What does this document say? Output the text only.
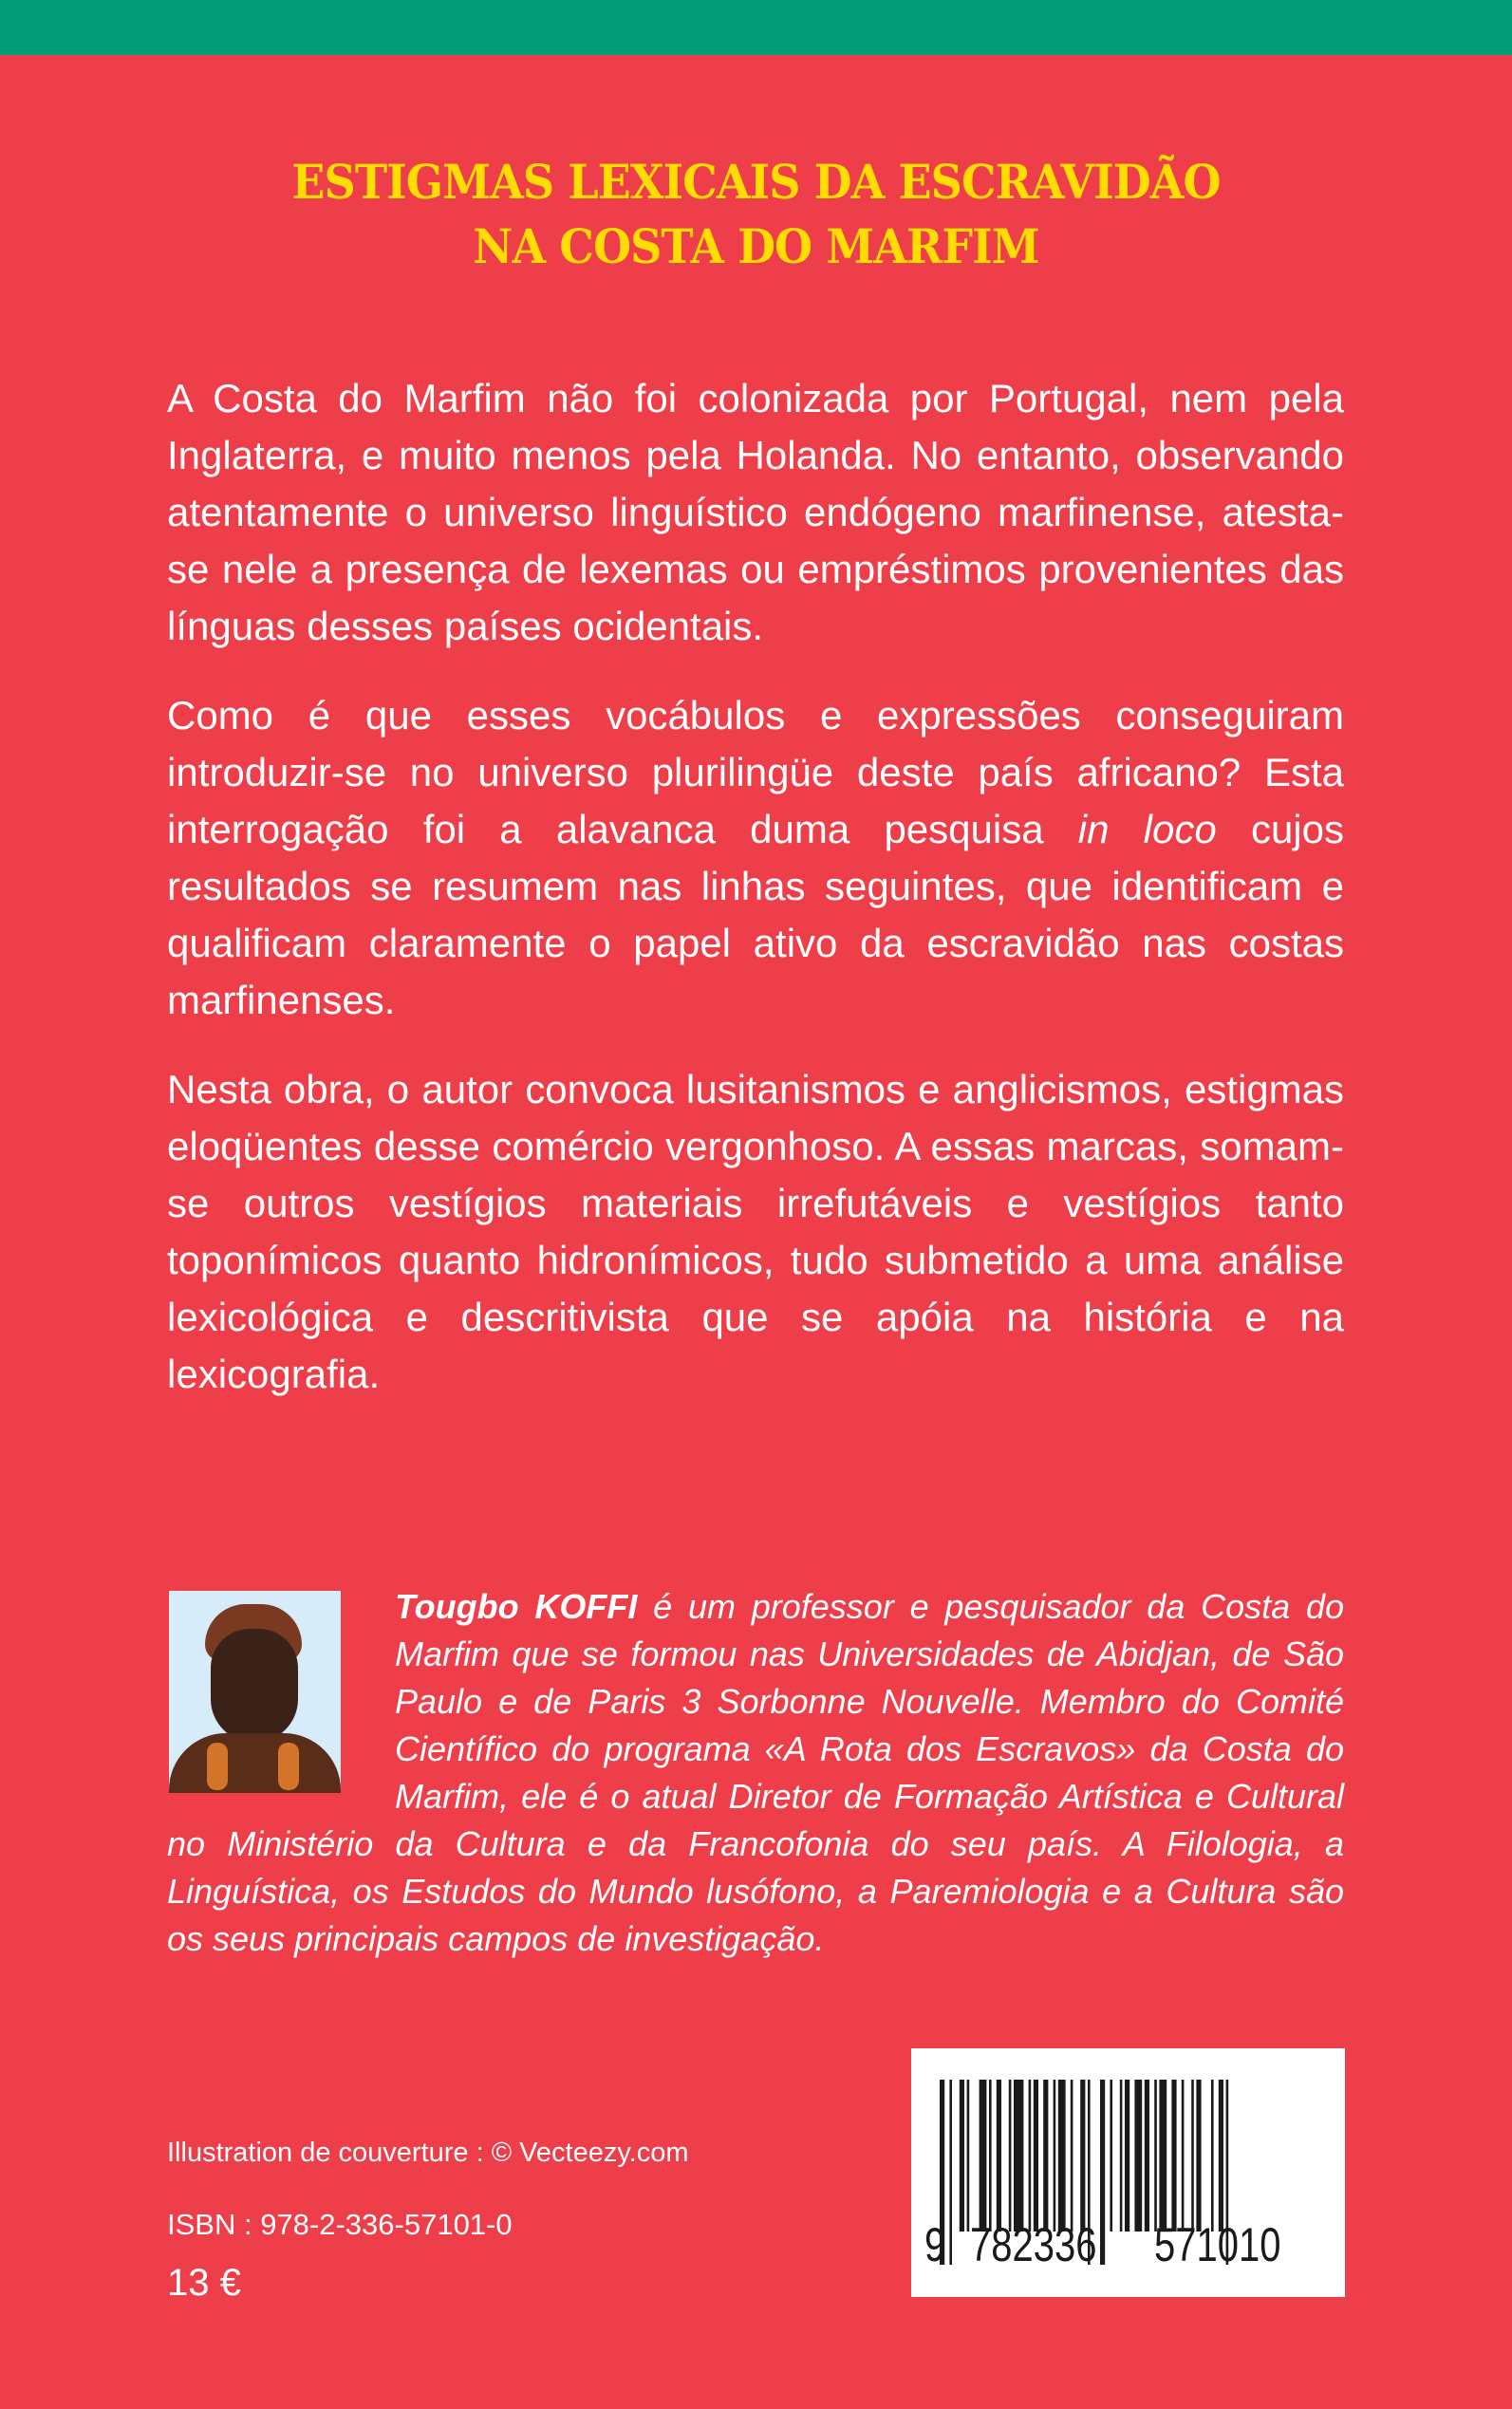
ESTIGMAS LEXICAIS DA ESCRAVIDÃO
NA COSTA DO MARFIM

A Costa do Marfim não foi colonizada por Portugal, nem pela Inglaterra, e muito menos pela Holanda. No entanto, observando atentamente o universo linguístico endógeno marfinense, atesta-se nele a presença de lexemas ou empréstimos provenientes das línguas desses países ocidentais.

Como é que esses vocábulos e expressões conseguiram introduzir-se no universo plurilingüe deste país africano? Esta interrogação foi a alavanca duma pesquisa in loco cujos resultados se resumem nas linhas seguintes, que identificam e qualificam claramente o papel ativo da escravidão nas costas marfinenses.

Nesta obra, o autor convoca lusitanismos e anglicismos, estigmas eloqüentes desse comércio vergonhoso. A essas marcas, somam-se outros vestígios materiais irrefutáveis e vestígios tanto toponímicos quanto hidronímicos, tudo submetido a uma análise lexicológica e descritivista que se apóia na história e na lexicografia.

Tougbo KOFFI é um professor e pesquisador da Costa do Marfim que se formou nas Universidades de Abidjan, de São Paulo e de Paris 3 Sorbonne Nouvelle. Membro do Comité Científico do programa «A Rota dos Escravos» da Costa do Marfim, ele é o atual Diretor de Formação Artística e Cultural no Ministério da Cultura e da Francofonia do seu país. A Filologia, a Linguística, os Estudos do Mundo lusófono, a Paremiologia e a Cultura são os seus principais campos de investigação.
Illustration de couverture : © Vecteezy.com
ISBN : 978-2-336-57101-0
13 €
9 782336 571010
